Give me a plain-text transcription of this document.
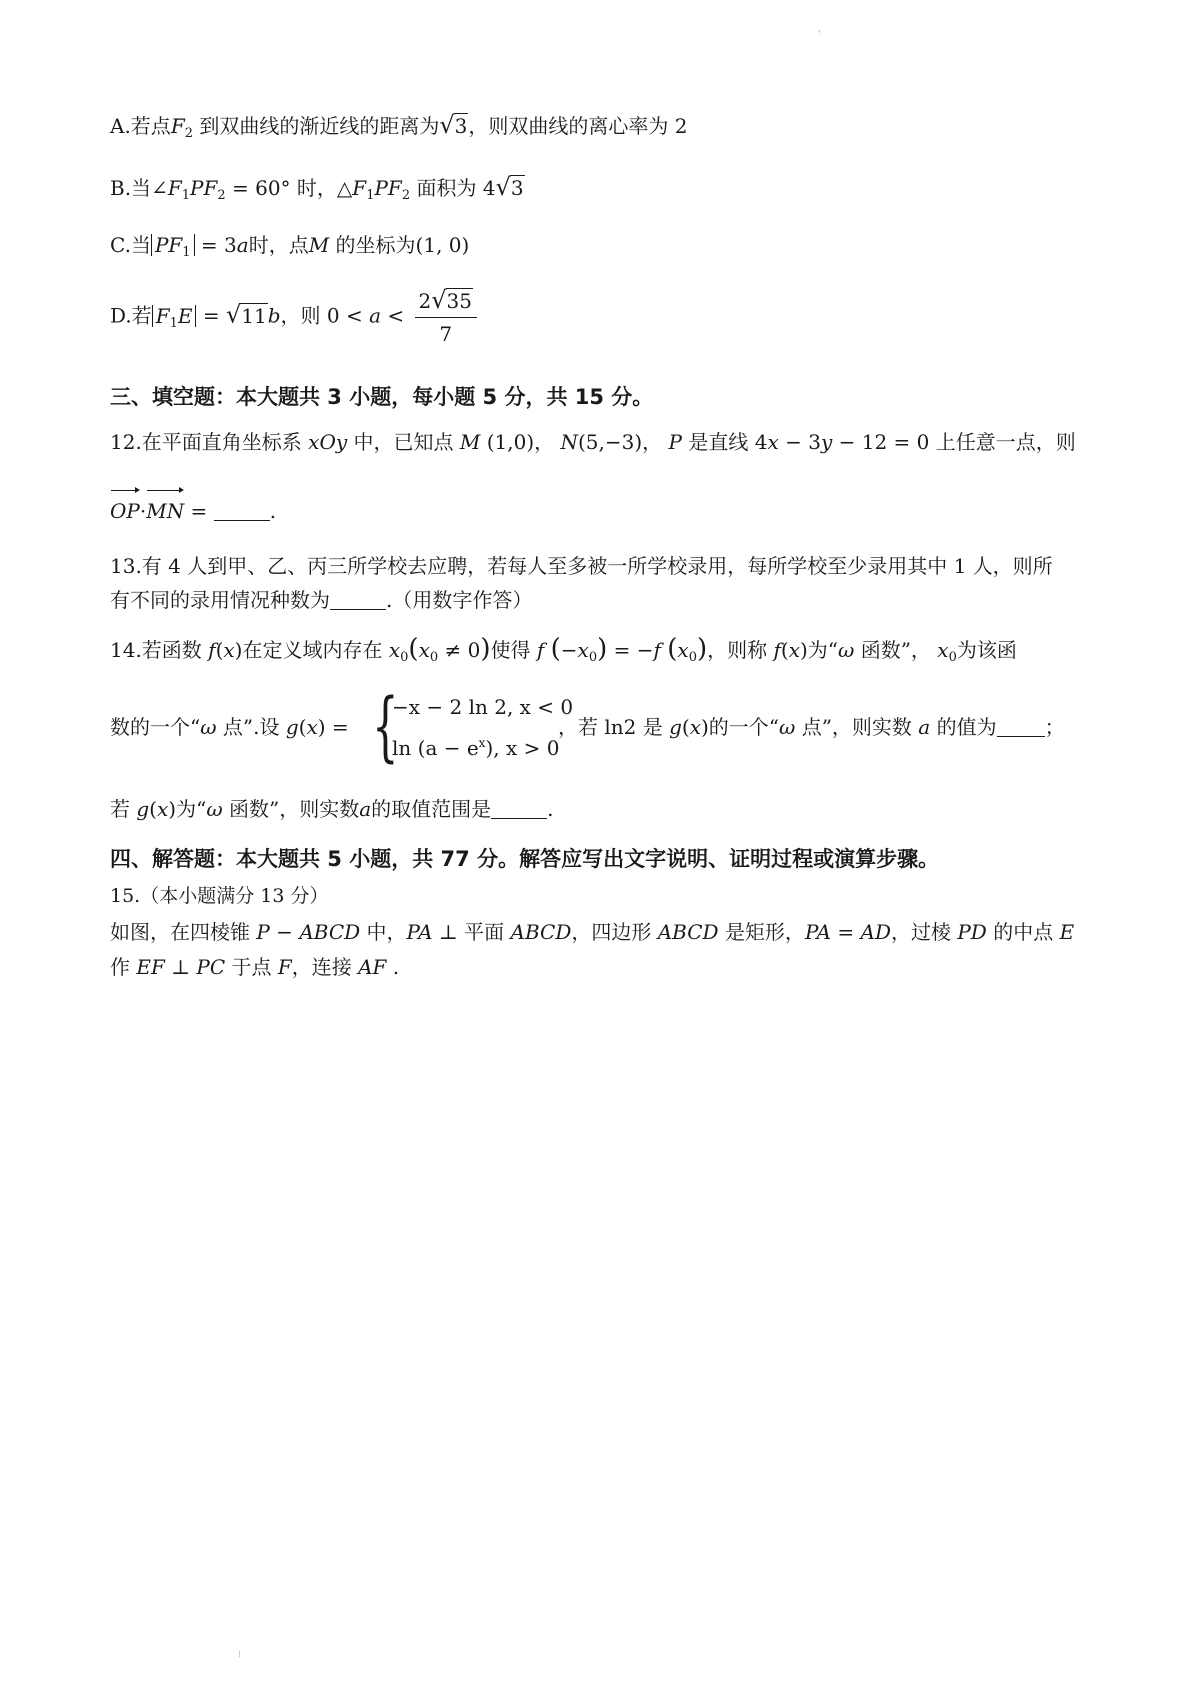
'
⁝
A.若点$F_2$ 到双曲线的渐近线的距离为√3，则双曲线的离心率为 2
B.当$\angle F_1PF_2 = 60^\circ$ 时，$\triangle F_1PF_2$ 面积为 4√3
C.当 $PF_1 = 3a$时，点M 的坐标为(1, 0)
D.若 $F_1E = √11b$，则 $0 < a < \frac{2√35}{7}$
三、填空题：本大题共 3 小题，每小题 5 分，共 15 分。
12.在平面直角坐标系 xOy 中，已知点 M (1,0)， N(5,−3)， P 是直线 4x − 3y − 12 = 0 上任意一点，则
OP·MN =	.
13.有 4 人到甲、乙、丙三所学校去应聘，若每人至多被一所学校录用，每所学校至少录用其中 1 人，则所
有不同的录用情况种数为	.（用数字作答）
14.若函数 f(x)在定义域内存在 $x_0(x_0 \ne 0)$使得 f $(-x_0) = -f$ $(x_0)$，则称 f(x)为“ω 函数”， $x_0$为该函
数的一个“ω 点”.设 g(x) = {
−x − 2 ln 2, x < 0
$\ln (a - e^x)$, x > 0
，若 ln2 是 g(x)的一个“ω 点”，则实数 a 的值为 ；
若 g(x)为“ω 函数”，则实数a的取值范围是	.
四、解答题：本大题共 5 小题，共 77 分。解答应写出文字说明、证明过程或演算步骤。
15.（本小题满分 13 分）
如图，在四棱锥 P − ABCD 中，PA ⊥ 平面 ABCD，四边形 ABCD 是矩形，PA = AD，过棱 PD 的中点 E
作 EF ⊥ PC 于点 F，连接 AF .
